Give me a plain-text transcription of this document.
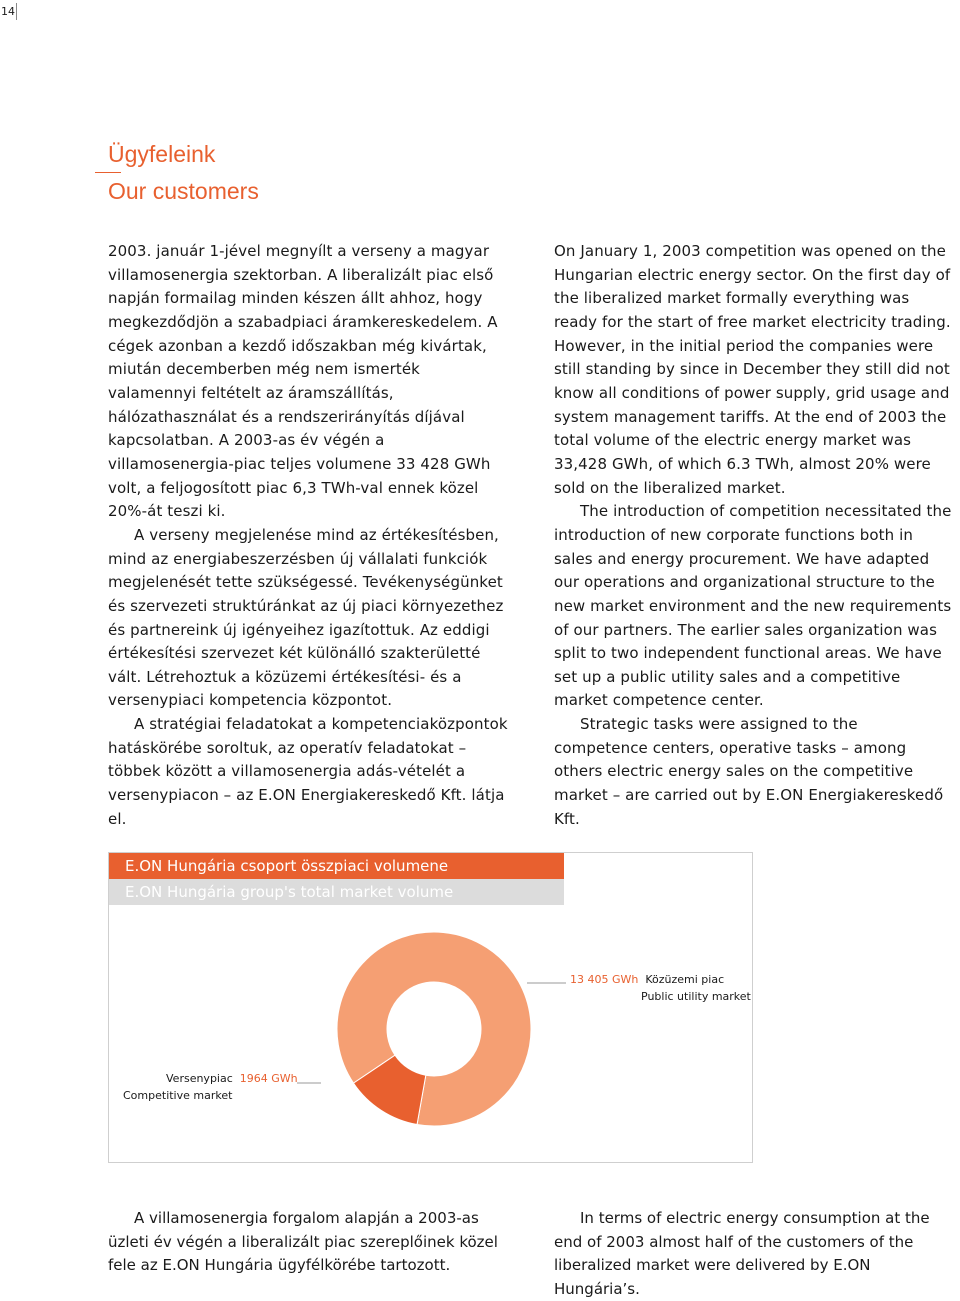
14
Ügyfeleink
Our customers

2003. január 1-jével megnyílt a verseny a magyar villamosenergia szektorban. A liberalizált piac első napján formailag minden készen állt ahhoz, hogy megkezdődjön a szabadpiaci áramkereskedelem. A cégek azonban a kezdő időszakban még kivártak, miután decemberben még nem ismerték valamennyi feltételt az áramszállítás, hálózathasználat és a rendszerirányítás díjával kapcsolatban. A 2003-as év végén a villamosenergia-piac teljes volumene 33 428 GWh volt, a feljogosított piac 6,3 TWh-val ennek közel 20%-át teszi ki.

A verseny megjelenése mind az értékesítésben, mind az energiabeszerzésben új vállalati funkciók megjelenését tette szükségessé. Tevékenységünket és szervezeti struktúránkat az új piaci környezethez és partnereink új igényeihez igazítottuk. Az eddigi értékesítési szervezet két különálló szakterületté vált. Létrehoztuk a közüzemi értékesítési- és a versenypiaci kompetencia központot.

A stratégiai feladatokat a kompetenciaközpontok hatáskörébe soroltuk, az operatív feladatokat – többek között a villamosenergia adás-vételét a versenypiacon – az E.ON Energiakereskedő Kft. látja el.

On January 1, 2003 competition was opened on the Hungarian electric energy sector. On the first day of the liberalized market formally everything was ready for the start of free market electricity trading. However, in the initial period the companies were still standing by since in December they still did not know all conditions of power supply, grid usage and system management tariffs. At the end of 2003 the total volume of the electric energy market was 33,428 GWh, of which 6.3 TWh, almost 20% were sold on the liberalized market.

The introduction of competition necessitated the introduction of new corporate functions both in sales and energy procurement. We have adapted our operations and organizational structure to the new market environment and the new requirements of our partners. The earlier sales organization was split to two independent functional areas. We have set up a public utility sales and a competitive market competence center.

Strategic tasks were assigned to the competence centers, operative tasks – among others electric energy sales on the competitive market – are carried out by E.ON Energiakereskedő Kft.

E.ON Hungária csoport összpiaci volumene
E.ON Hungária group's total market volume
13 405 GWh Közüzemi piac
Public utility market
Versenypiac 1964 GWh
Competitive market

A villamosenergia forgalom alapján a 2003-as üzleti év végén a liberalizált piac szereplőinek közel fele az E.ON Hungária ügyfélkörébe tartozott.

In terms of electric energy consumption at the end of 2003 almost half of the customers of the liberalized market were delivered by E.ON Hungária’s.
